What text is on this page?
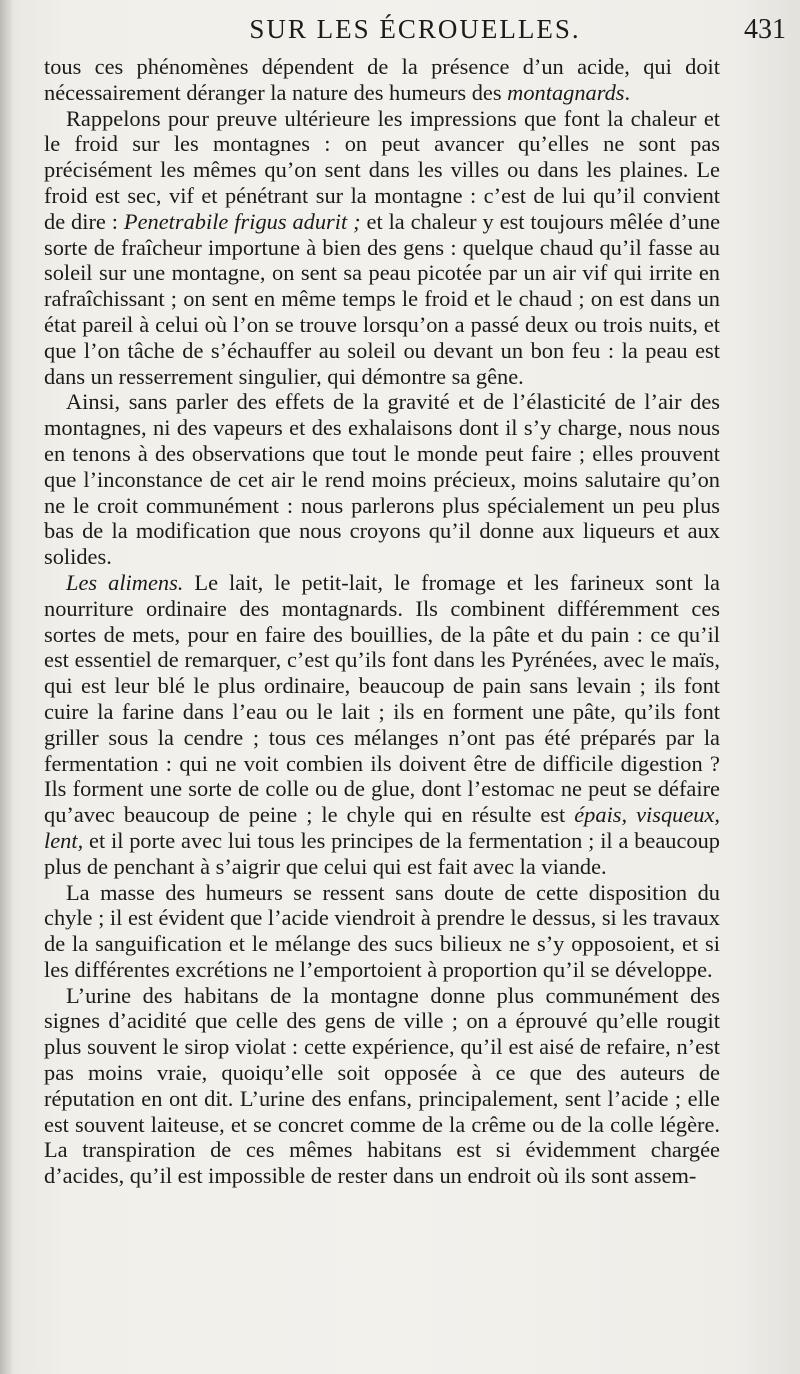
SUR LES ÉCROUELLES.	431

tous ces phénomènes dépendent de la présence d’un acide, qui doit nécessairement déranger la nature des humeurs des montagnards.

Rappelons pour preuve ultérieure les impressions que font la chaleur et le froid sur les montagnes : on peut avancer qu’elles ne sont pas précisément les mêmes qu’on sent dans les villes ou dans les plaines. Le froid est sec, vif et pénétrant sur la montagne : c’est de lui qu’il convient de dire : Penetrabile frigus adurit ; et la chaleur y est toujours mêlée d’une sorte de fraîcheur importune à bien des gens : quelque chaud qu’il fasse au soleil sur une montagne, on sent sa peau picotée par un air vif qui irrite en rafraîchissant ; on sent en même temps le froid et le chaud ; on est dans un état pareil à celui où l’on se trouve lorsqu’on a passé deux ou trois nuits, et que l’on tâche de s’échauffer au soleil ou devant un bon feu : la peau est dans un resserrement singulier, qui démontre sa gêne.

Ainsi, sans parler des effets de la gravité et de l’élasticité de l’air des montagnes, ni des vapeurs et des exhalaisons dont il s’y charge, nous nous en tenons à des observations que tout le monde peut faire ; elles prouvent que l’inconstance de cet air le rend moins précieux, moins salutaire qu’on ne le croit communément : nous parlerons plus spécialement un peu plus bas de la modification que nous croyons qu’il donne aux liqueurs et aux solides.

Les alimens. Le lait, le petit-lait, le fromage et les farineux sont la nourriture ordinaire des montagnards. Ils combinent différemment ces sortes de mets, pour en faire des bouillies, de la pâte et du pain : ce qu’il est essentiel de remarquer, c’est qu’ils font dans les Pyrénées, avec le maïs, qui est leur blé le plus ordinaire, beaucoup de pain sans levain ; ils font cuire la farine dans l’eau ou le lait ; ils en forment une pâte, qu’ils font griller sous la cendre ; tous ces mélanges n’ont pas été préparés par la fermentation : qui ne voit combien ils doivent être de difficile digestion ? Ils forment une sorte de colle ou de glue, dont l’estomac ne peut se défaire qu’avec beaucoup de peine ; le chyle qui en résulte est épais, visqueux, lent, et il porte avec lui tous les principes de la fermentation ; il a beaucoup plus de penchant à s’aigrir que celui qui est fait avec la viande.

La masse des humeurs se ressent sans doute de cette disposition du chyle ; il est évident que l’acide viendroit à prendre le dessus, si les travaux de la sanguification et le mélange des sucs bilieux ne s’y opposoient, et si les différentes excrétions ne l’emportoient à proportion qu’il se développe.

L’urine des habitans de la montagne donne plus communément des signes d’acidité que celle des gens de ville ; on a éprouvé qu’elle rougit plus souvent le sirop violat : cette expérience, qu’il est aisé de refaire, n’est pas moins vraie, quoiqu’elle soit opposée à ce que des auteurs de réputation en ont dit. L’urine des enfans, principalement, sent l’acide ; elle est souvent laiteuse, et se concret comme de la crême ou de la colle légère. La transpiration de ces mêmes habitans est si évidemment chargée d’acides, qu’il est impossible de rester dans un endroit où ils sont assem-
